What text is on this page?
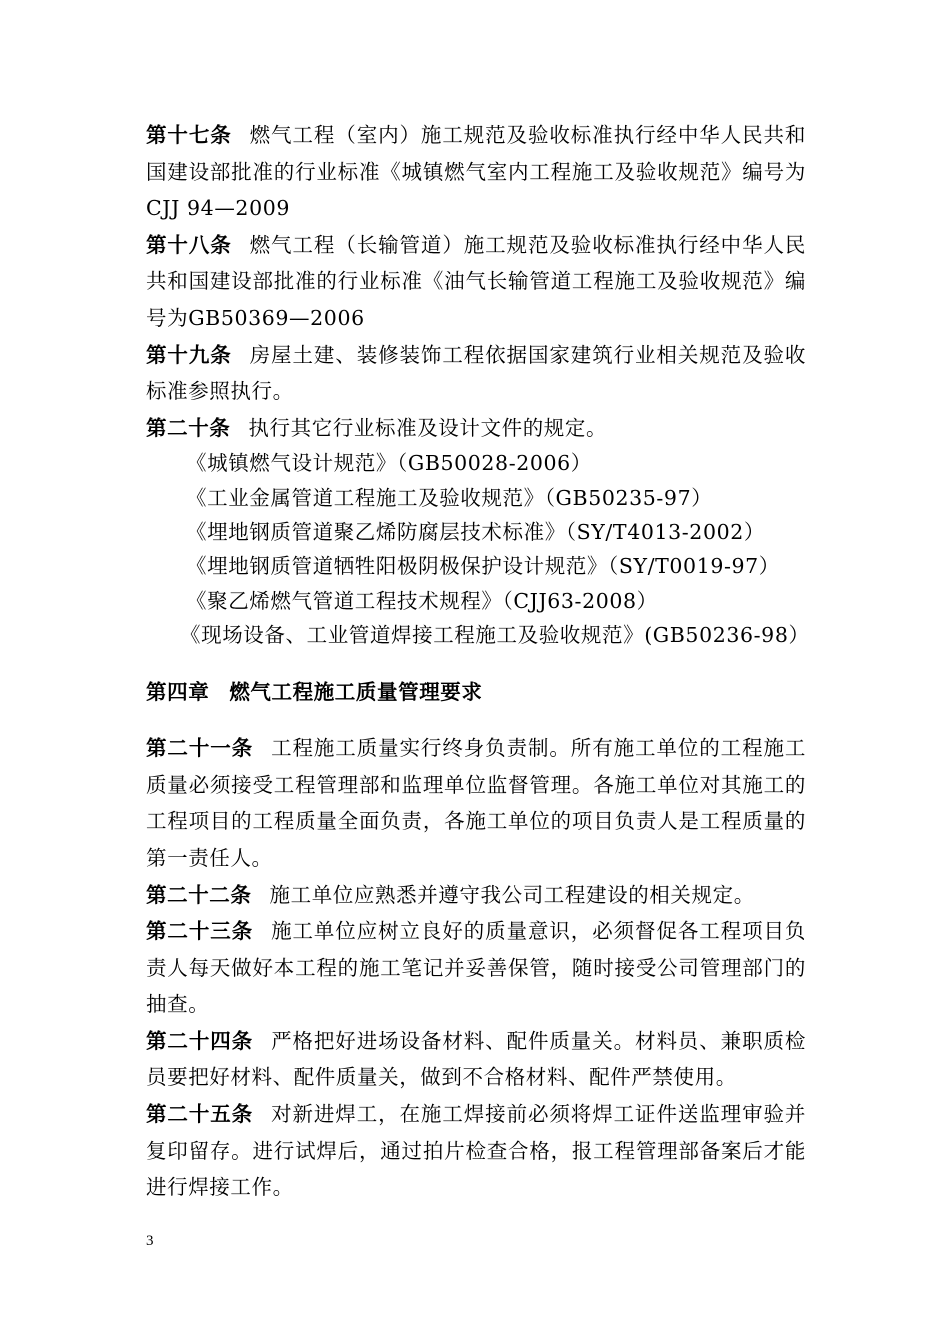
第十七条 燃气工程（室内）施工规范及验收标准执行经中华人民共和国建设部批准的行业标准《城镇燃气室内工程施工及验收规范》编号为CJJ 94—2009

第十八条 燃气工程（长输管道）施工规范及验收标准执行经中华人民共和国建设部批准的行业标准《油气长输管道工程施工及验收规范》编号为GB50369—2006

第十九条 房屋土建、装修装饰工程依据国家建筑行业相关规范及验收标准参照执行。

第二十条 执行其它行业标准及设计文件的规定。

《城镇燃气设计规范》（GB50028-2006）

《工业金属管道工程施工及验收规范》（GB50235-97）

《埋地钢质管道聚乙烯防腐层技术标准》（SY/T4013-2002）

《埋地钢质管道牺牲阳极阴极保护设计规范》（SY/T0019-97）

《聚乙烯燃气管道工程技术规程》（CJJ63-2008）

《现场设备、工业管道焊接工程施工及验收规范》(GB50236-98）

第四章 燃气工程施工质量管理要求

第二十一条 工程施工质量实行终身负责制。所有施工单位的工程施工质量必须接受工程管理部和监理单位监督管理。各施工单位对其施工的工程项目的工程质量全面负责，各施工单位的项目负责人是工程质量的第一责任人。

第二十二条 施工单位应熟悉并遵守我公司工程建设的相关规定。

第二十三条 施工单位应树立良好的质量意识，必须督促各工程项目负责人每天做好本工程的施工笔记并妥善保管，随时接受公司管理部门的抽查。

第二十四条 严格把好进场设备材料、配件质量关。材料员、兼职质检员要把好材料、配件质量关，做到不合格材料、配件严禁使用。

第二十五条 对新进焊工，在施工焊接前必须将焊工证件送监理审验并复印留存。进行试焊后，通过拍片检查合格，报工程管理部备案后才能进行焊接工作。

3
